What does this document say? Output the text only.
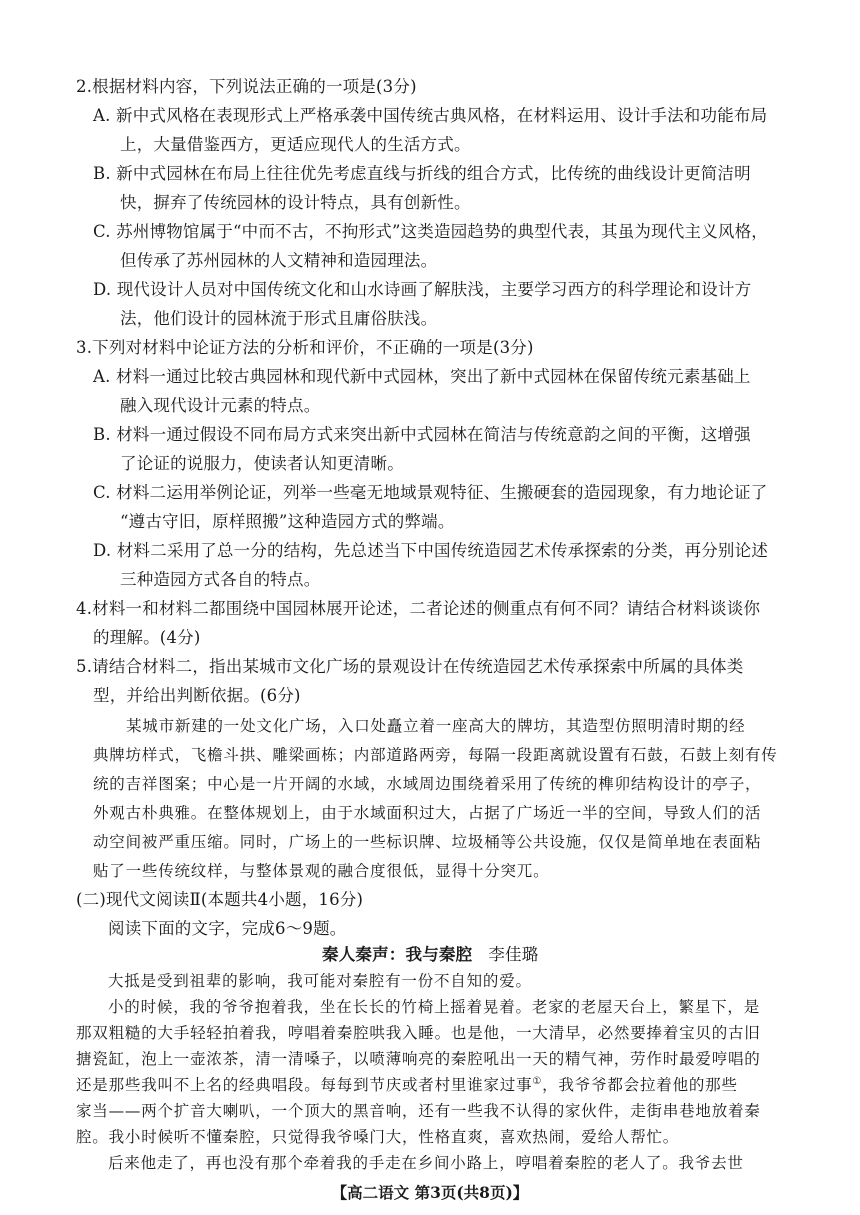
2.根据材料内容，下列说法正确的一项是(3分)
A. 新中式风格在表现形式上严格承袭中国传统古典风格，在材料运用、设计手法和功能布局
上，大量借鉴西方，更适应现代人的生活方式。
B. 新中式园林在布局上往往优先考虑直线与折线的组合方式，比传统的曲线设计更简洁明
快，摒弃了传统园林的设计特点，具有创新性。
C. 苏州博物馆属于“中而不古，不拘形式”这类造园趋势的典型代表，其虽为现代主义风格，
但传承了苏州园林的人文精神和造园理法。
D. 现代设计人员对中国传统文化和山水诗画了解肤浅，主要学习西方的科学理论和设计方
法，他们设计的园林流于形式且庸俗肤浅。
3.下列对材料中论证方法的分析和评价，不正确的一项是(3分)
A. 材料一通过比较古典园林和现代新中式园林，突出了新中式园林在保留传统元素基础上
融入现代设计元素的特点。
B. 材料一通过假设不同布局方式来突出新中式园林在简洁与传统意韵之间的平衡，这增强
了论证的说服力，使读者认知更清晰。
C. 材料二运用举例论证，列举一些毫无地域景观特征、生搬硬套的造园现象，有力地论证了
“遵古守旧，原样照搬”这种造园方式的弊端。
D. 材料二采用了总一分的结构，先总述当下中国传统造园艺术传承探索的分类，再分别论述
三种造园方式各自的特点。
4.材料一和材料二都围绕中国园林展开论述，二者论述的侧重点有何不同？请结合材料谈谈你
的理解。(4分)
5.请结合材料二，指出某城市文化广场的景观设计在传统造园艺术传承探索中所属的具体类
型，并给出判断依据。(6分)
某城市新建的一处文化广场，入口处矗立着一座高大的牌坊，其造型仿照明清时期的经
典牌坊样式，飞檐斗拱、雕梁画栋；内部道路两旁，每隔一段距离就设置有石鼓，石鼓上刻有传
统的吉祥图案；中心是一片开阔的水域，水域周边围绕着采用了传统的榫卯结构设计的亭子，
外观古朴典雅。在整体规划上，由于水域面积过大，占据了广场近一半的空间，导致人们的活
动空间被严重压缩。同时，广场上的一些标识牌、垃圾桶等公共设施，仅仅是简单地在表面粘
贴了一些传统纹样，与整体景观的融合度很低，显得十分突兀。
(二)现代文阅读Ⅱ(本题共4小题，16分)
阅读下面的文字，完成6～9题。
秦人秦声：我与秦腔 李佳璐
大抵是受到祖辈的影响，我可能对秦腔有一份不自知的爱。
小的时候，我的爷爷抱着我，坐在长长的竹椅上摇着晃着。老家的老屋天台上，繁星下，是
那双粗糙的大手轻轻拍着我，哼唱着秦腔哄我入睡。也是他，一大清早，必然要捧着宝贝的古旧
搪瓷缸，泡上一壶浓茶，清一清嗓子，以喷薄响亮的秦腔吼出一天的精气神，劳作时最爱哼唱的
还是那些我叫不上名的经典唱段。每每到节庆或者村里谁家过事①，我爷爷都会拉着他的那些
家当——两个扩音大喇叭，一个顶大的黑音响，还有一些我不认得的家伙件，走街串巷地放着秦
【高二语文 第3页(共8页)】
腔。我小时候听不懂秦腔，只觉得我爷嗓门大，性格直爽，喜欢热闹，爱给人帮忙。
后来他走了，再也没有那个牵着我的手走在乡间小路上，哼唱着秦腔的老人了。我爷去世
